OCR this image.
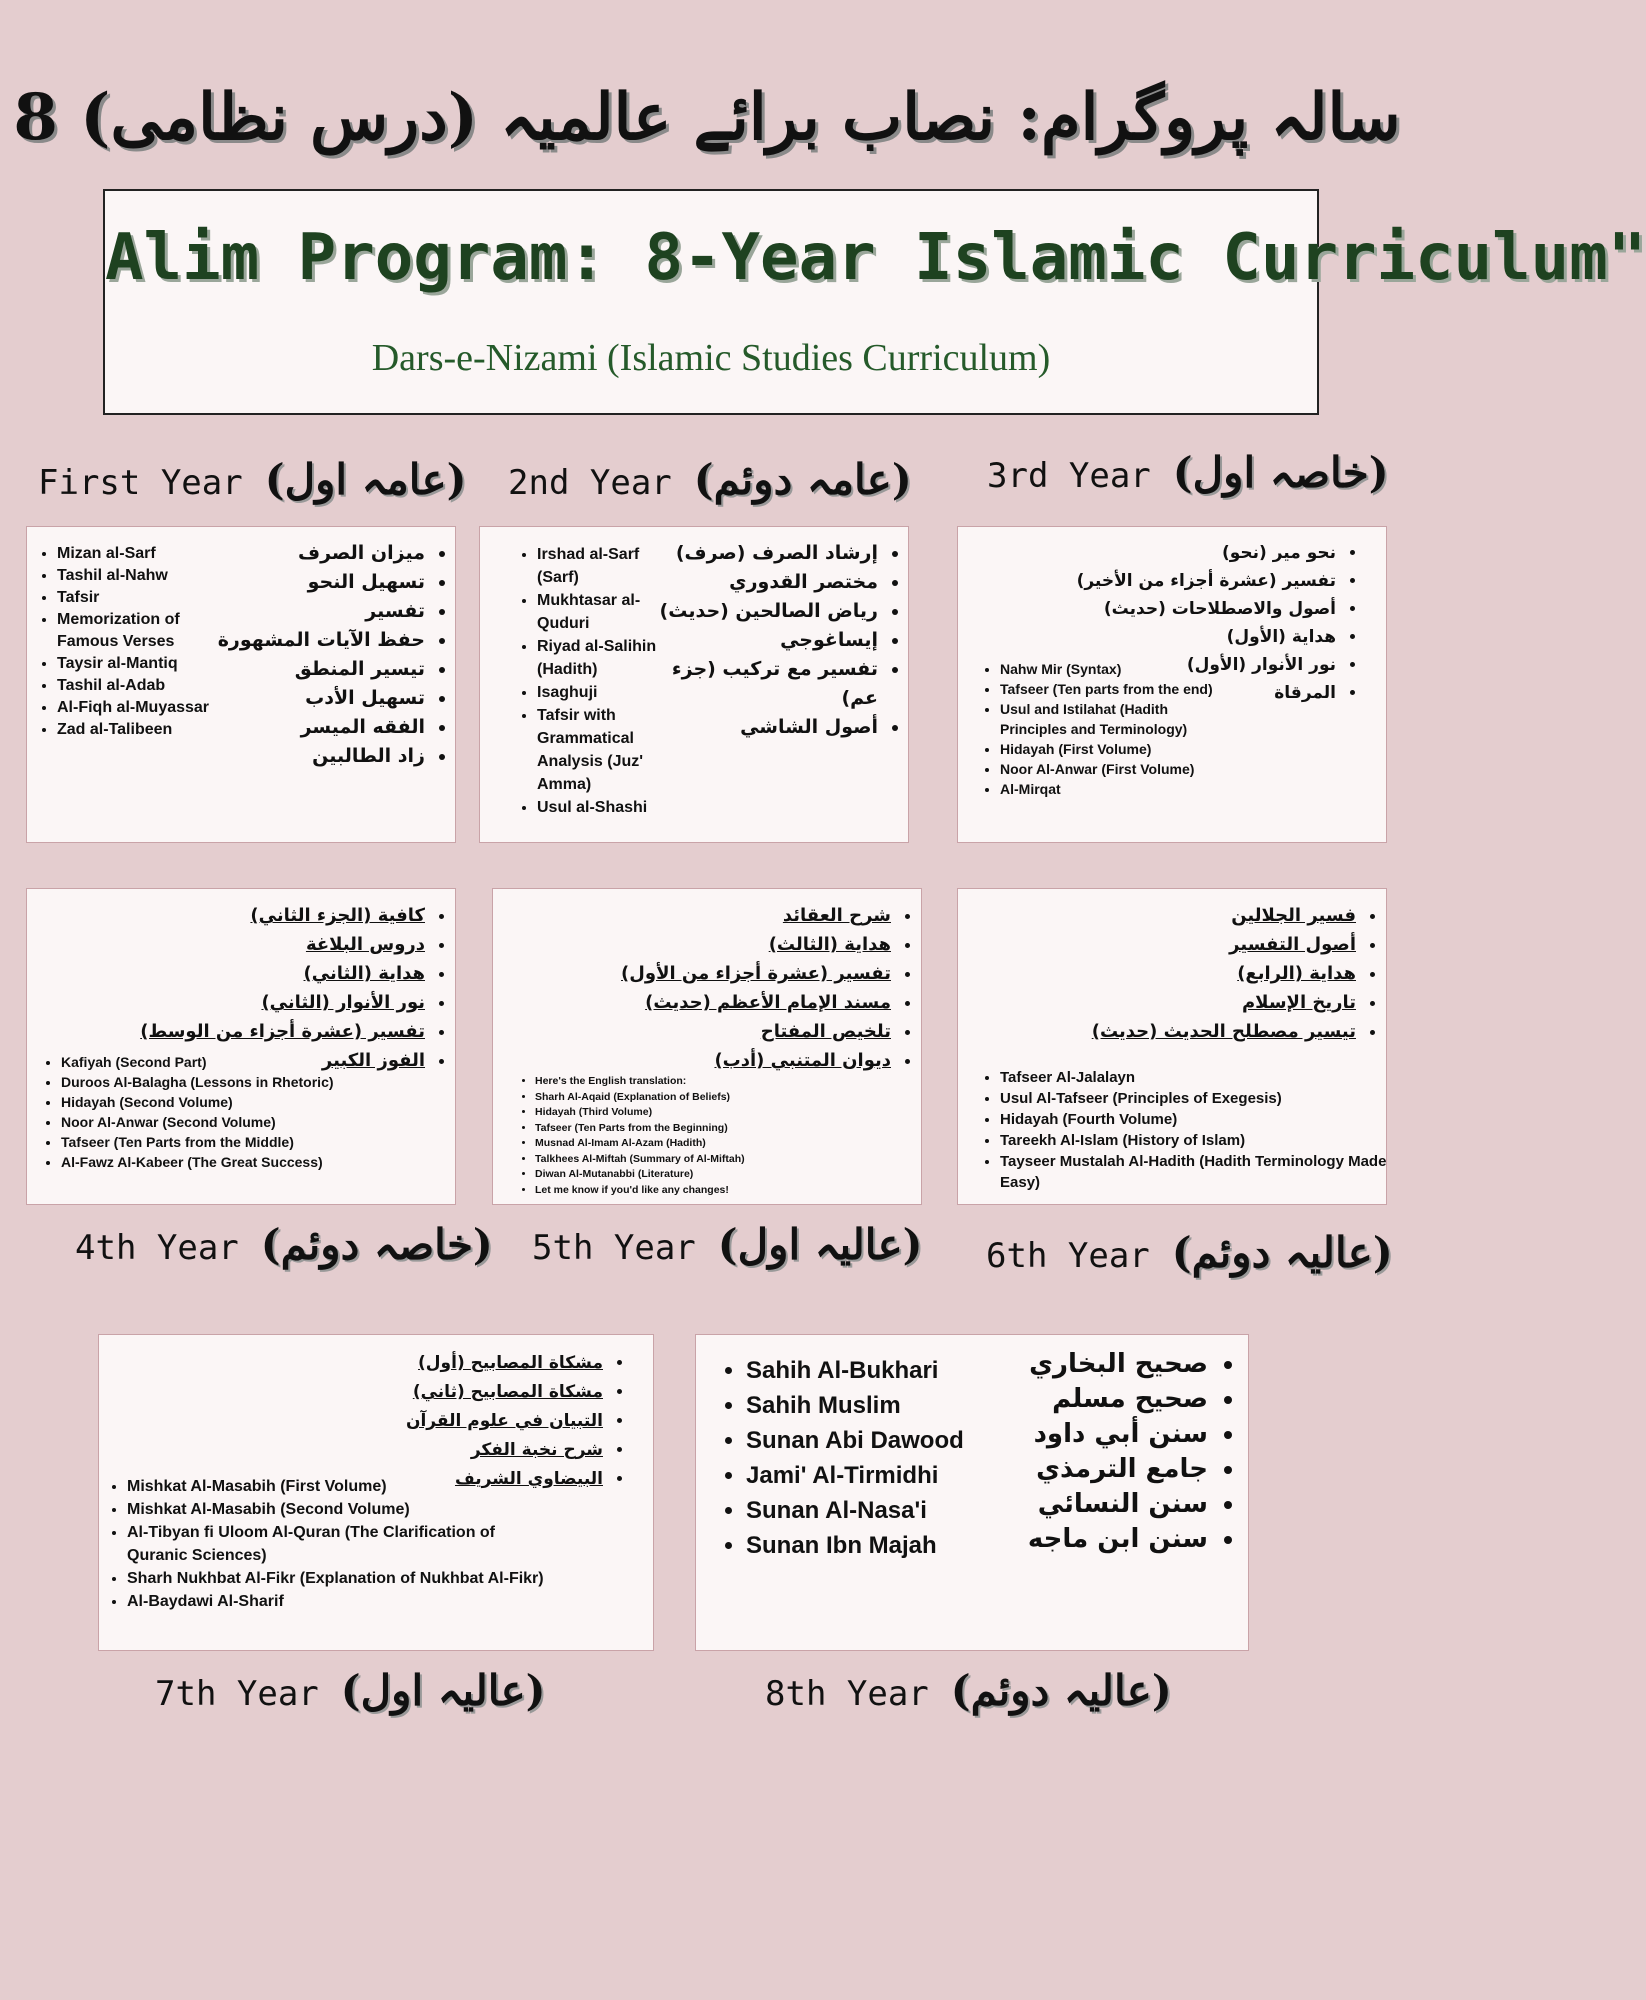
8 سالہ پروگرام: نصاب برائے عالمیہ (درس نظامی)
Alim Program: 8-Year Islamic Curriculum"
Dars-e-Nizami (Islamic Studies Curriculum)
First Year (عامہ اول) 2nd Year (عامہ دوئم) 3rd Year (خاصہ اول)
• ميزان الصرف
• تسهيل النحو
• تفسير
• حفظ الآيات المشهورة
• تيسير المنطق
• تسهيل الأدب
• الفقه الميسر
• زاد الطالبين
• Mizan al-Sarf
• Tashil al-Nahw
• Tafsir
• Memorization of Famous Verses
• Taysir al-Mantiq
• Tashil al-Adab
• Al-Fiqh al-Muyassar
• Zad al-Talibeen
• إرشاد الصرف (صرف)
• مختصر القدوري
• رياض الصالحين (حديث)
• إيساغوجي
• تفسير مع تركيب (جزء عم)
• أصول الشاشي
• Irshad al-Sarf (Sarf)
• Mukhtasar al-Quduri
• Riyad al-Salihin (Hadith)
• Isaghuji
• Tafsir with Grammatical Analysis (Juz' Amma)
• Usul al-Shashi
• نحو مير (نحو)
• تفسير (عشرة أجزاء من الأخير)
• أصول والاصطلاحات (حديث)
• هداية (الأول)
• نور الأنوار (الأول)
• المرقاة
• Nahw Mir (Syntax)
• Tafseer (Ten parts from the end)
• Usul and Istilahat (Hadith Principles and Terminology)
• Hidayah (First Volume)
• Noor Al-Anwar (First Volume)
• Al-Mirqat
• كافية (الجزء الثاني)
• دروس البلاغة
• هداية (الثاني)
• نور الأنوار (الثاني)
• تفسير (عشرة أجزاء من الوسط)
• الفوز الكبير
• Kafiyah (Second Part)
• Duroos Al-Balagha (Lessons in Rhetoric)
• Hidayah (Second Volume)
• Noor Al-Anwar (Second Volume)
• Tafseer (Ten Parts from the Middle)
• Al-Fawz Al-Kabeer (The Great Success)
• شرح العقائد
• هداية (الثالث)
• تفسير (عشرة أجزاء من الأول)
• مسند الإمام الأعظم (حديث)
• تلخيص المفتاح
• ديوان المتنبي (أدب)
• Here's the English translation:
• Sharh Al-Aqaid (Explanation of Beliefs)
• Hidayah (Third Volume)
• Tafseer (Ten Parts from the Beginning)
• Musnad Al-Imam Al-Azam (Hadith)
• Talkhees Al-Miftah (Summary of Al-Miftah)
• Diwan Al-Mutanabbi (Literature)
• Let me know if you'd like any changes!
• فسير الجلالين
• أصول التفسير
• هداية (الرابع)
• تاريخ الإسلام
• تيسير مصطلح الحديث (حديث)
• Tafseer Al-Jalalayn
• Usul Al-Tafseer (Principles of Exegesis)
• Hidayah (Fourth Volume)
• Tareekh Al-Islam (History of Islam)
• Tayseer Mustalah Al-Hadith (Hadith Terminology Made Easy)
4th Year (خاصہ دوئم) 5th Year (عالیہ اول) 6th Year (عالیہ دوئم)
• مشكاة المصابيح (أول)
• مشكاة المصابيح (ثاني)
• التبيان في علوم القرآن
• شرح نخبة الفكر
• البيضاوي الشريف
• Mishkat Al-Masabih (First Volume)
• Mishkat Al-Masabih (Second Volume)
• Al-Tibyan fi Uloom Al-Quran (The Clarification of Quranic Sciences)
• Sharh Nukhbat Al-Fikr (Explanation of Nukhbat Al-Fikr)
• Al-Baydawi Al-Sharif
• صحيح البخاري
• صحيح مسلم
• سنن أبي داود
• جامع الترمذي
• سنن النسائي
• سنن ابن ماجه
• Sahih Al-Bukhari
• Sahih Muslim
• Sunan Abi Dawood
• Jami' Al-Tirmidhi
• Sunan Al-Nasa'i
• Sunan Ibn Majah
7th Year (عالیہ اول)	8th Year (عالیہ دوئم)
